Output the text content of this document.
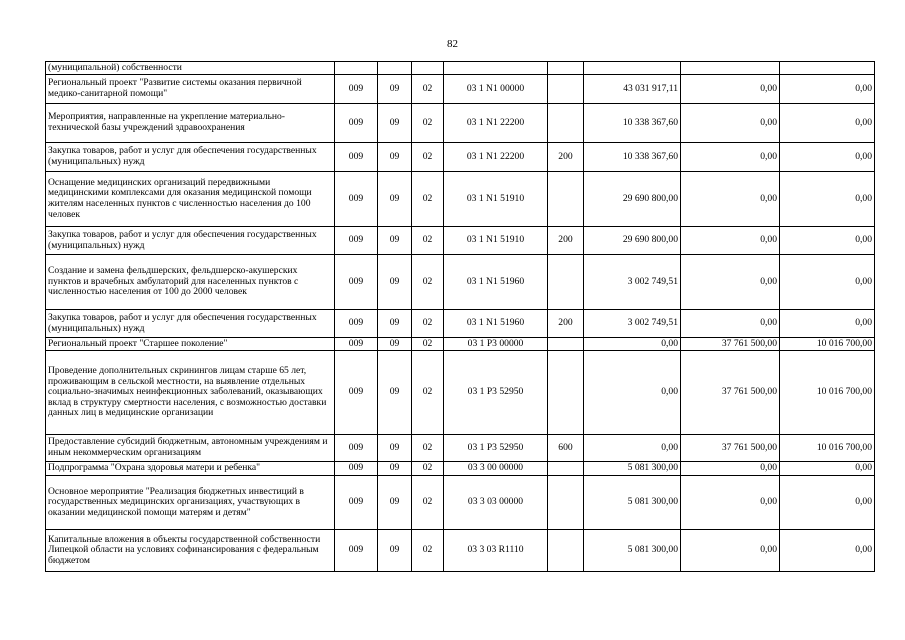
82
(муниципальной) собственности								
Региональный проект "Развитие системы оказания первичной медико-санитарной помощи"	009	09	02	03 1 N1 00000		43 031 917,11	0,00	0,00
Мероприятия, направленные на укрепление материально-технической базы учреждений здравоохранения	009	09	02	03 1 N1 22200		10 338 367,60	0,00	0,00
Закупка товаров, работ и услуг для обеспечения государственных (муниципальных) нужд	009	09	02	03 1 N1 22200	200	10 338 367,60	0,00	0,00
Оснащение медицинских организаций передвижными медицинскими комплексами для оказания медицинской помощи жителям населенных пунктов с численностью населения до 100 человек	009	09	02	03 1 N1 51910		29 690 800,00	0,00	0,00
Закупка товаров, работ и услуг для обеспечения государственных (муниципальных) нужд	009	09	02	03 1 N1 51910	200	29 690 800,00	0,00	0,00
Создание и замена фельдшерских, фельдшерско-акушерских пунктов и врачебных амбулаторий для населенных пунктов с численностью населения от 100 до 2000 человек	009	09	02	03 1 N1 51960		3 002 749,51	0,00	0,00
Закупка товаров, работ и услуг для обеспечения государственных (муниципальных) нужд	009	09	02	03 1 N1 51960	200	3 002 749,51	0,00	0,00
Региональный проект "Старшее поколение"	009	09	02	03 1 P3 00000		0,00	37 761 500,00	10 016 700,00
Проведение дополнительных скринингов лицам старше 65 лет, проживающим в сельской местности, на выявление отдельных социально-значимых неинфекционных заболеваний, оказывающих вклад в структуру смертности населения, с возможностью доставки данных лиц в медицинские организации	009	09	02	03 1 P3 52950		0,00	37 761 500,00	10 016 700,00
Предоставление субсидий бюджетным, автономным учреждениям и иным некоммерческим организациям	009	09	02	03 1 P3 52950	600	0,00	37 761 500,00	10 016 700,00
Подпрограмма "Охрана здоровья матери и ребенка"	009	09	02	03 3 00 00000		5 081 300,00	0,00	0,00
Основное мероприятие "Реализация бюджетных инвестиций в государственных медицинских организациях, участвующих в оказании медицинской помощи матерям и детям"	009	09	02	03 3 03 00000		5 081 300,00	0,00	0,00
Капитальные вложения в объекты государственной собственности Липецкой области на условиях софинансирования с федеральным бюджетом	009	09	02	03 3 03 R1110		5 081 300,00	0,00	0,00
